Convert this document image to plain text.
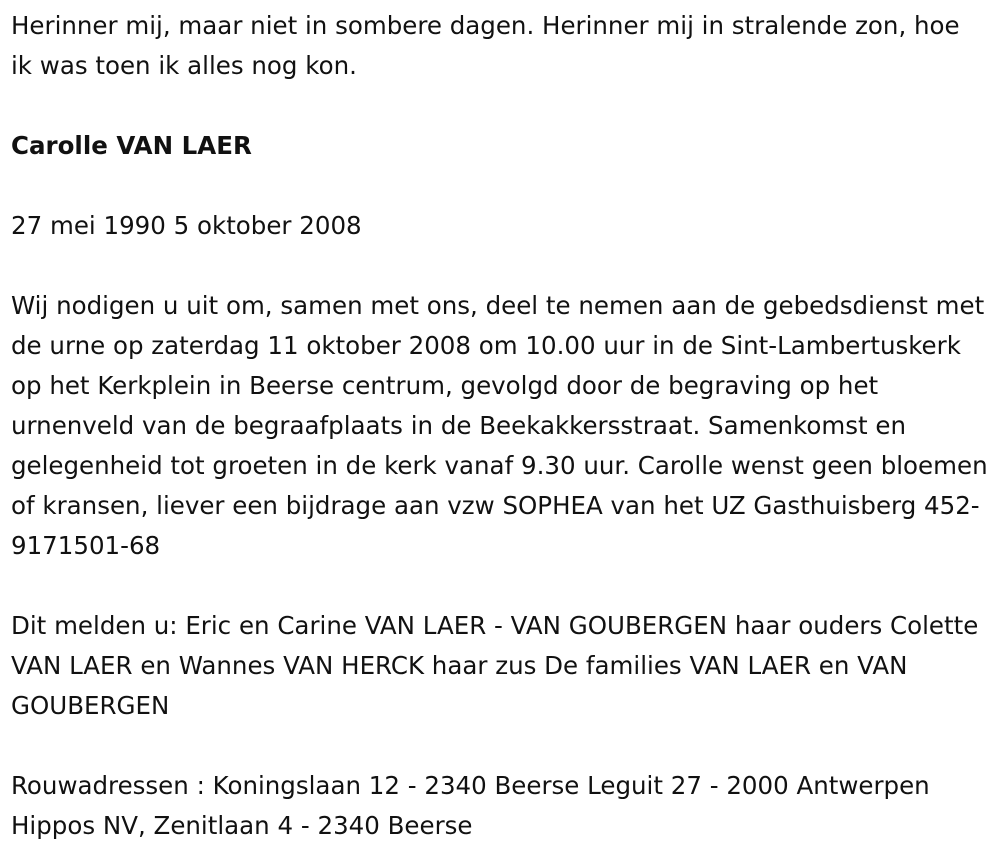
Herinner mij, maar niet in sombere dagen. Herinner mij in stralende zon, hoe ik was toen ik alles nog kon.

Carolle VAN LAER

27 mei 1990 5 oktober 2008

Wij nodigen u uit om, samen met ons, deel te nemen aan de gebedsdienst met de urne op zaterdag 11 oktober 2008 om 10.00 uur in de Sint-Lambertuskerk op het Kerkplein in Beerse centrum, gevolgd door de begraving op het urnenveld van de begraafplaats in de Beekakkersstraat. Samenkomst en gelegenheid tot groeten in de kerk vanaf 9.30 uur. Carolle wenst geen bloemen of kransen, liever een bijdrage aan vzw SOPHEA van het UZ Gasthuisberg 452-9171501-68

Dit melden u: Eric en Carine VAN LAER - VAN GOUBERGEN haar ouders Colette VAN LAER en Wannes VAN HERCK haar zus De families VAN LAER en VAN GOUBERGEN

Rouwadressen : Koningslaan 12 - 2340 Beerse Leguit 27 - 2000 Antwerpen Hippos NV, Zenitlaan 4 - 2340 Beerse
